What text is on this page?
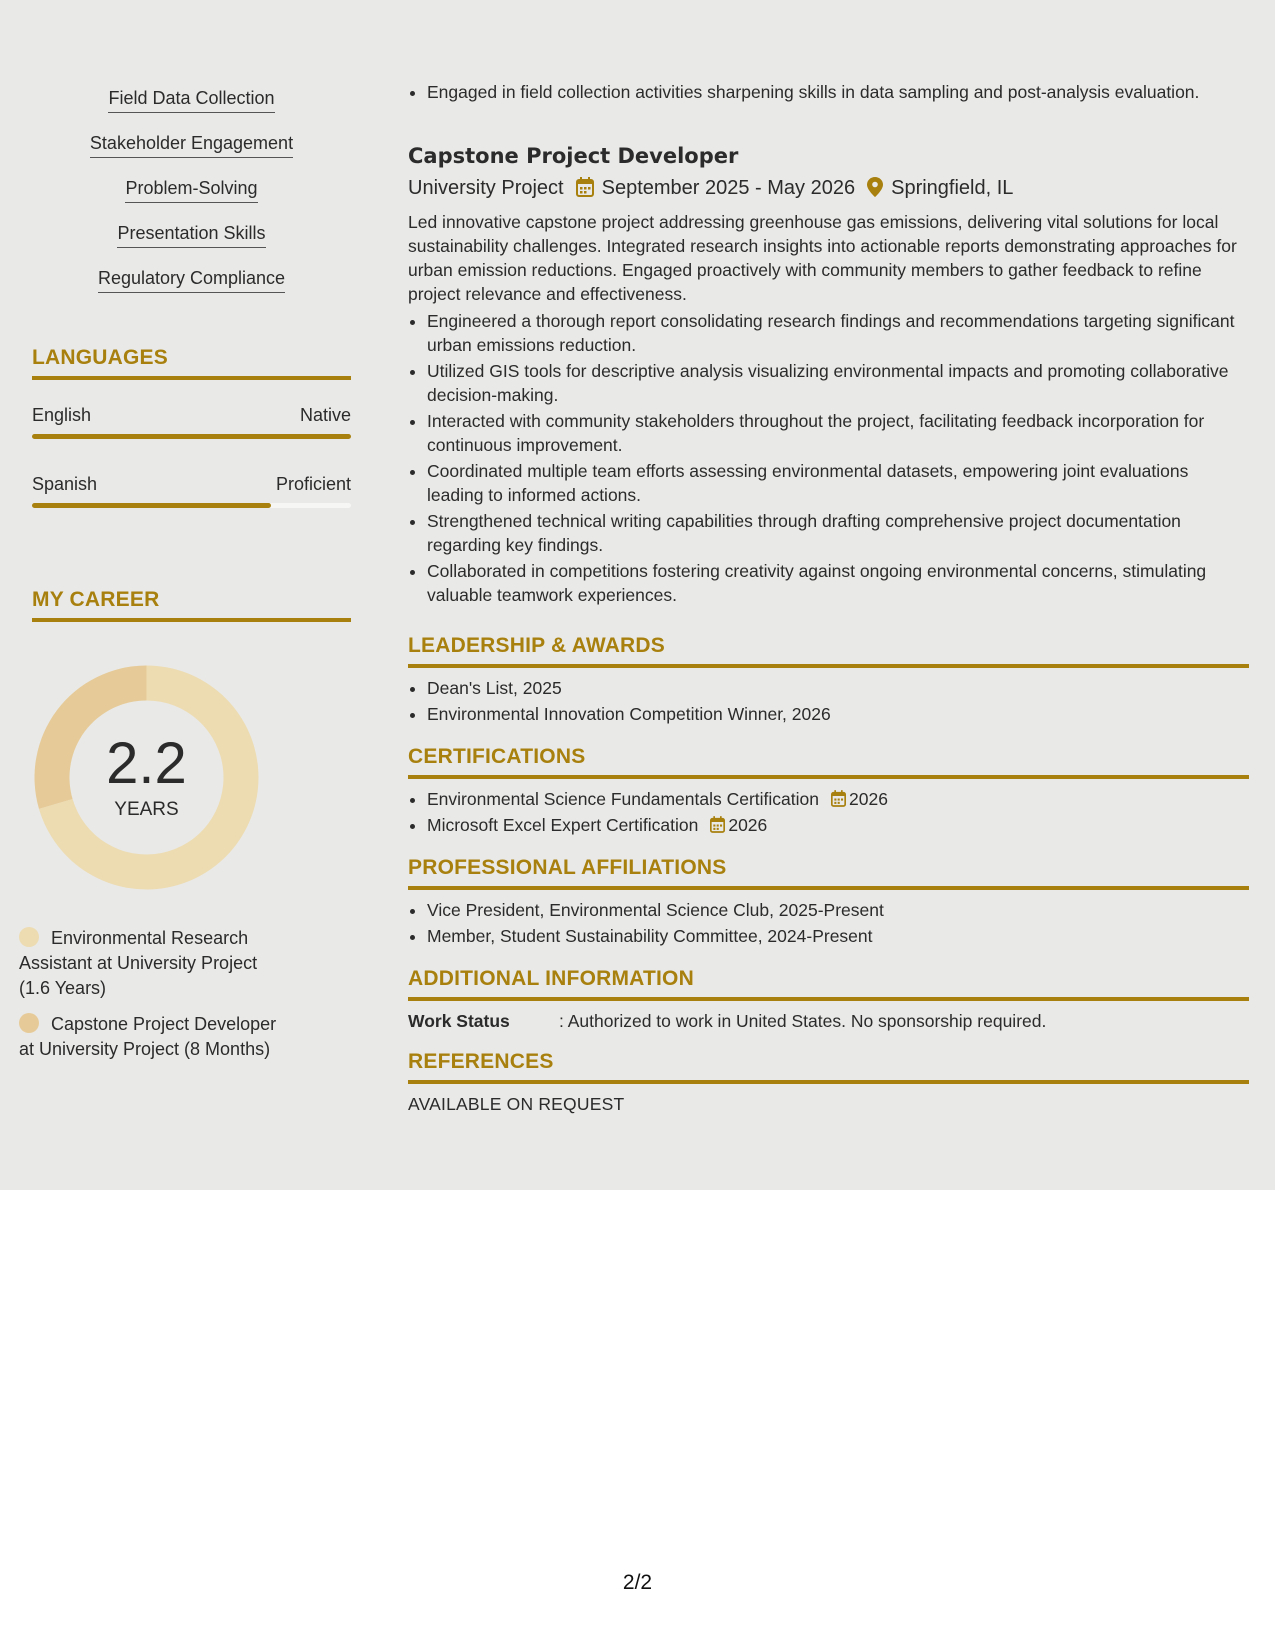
Field Data Collection
Stakeholder Engagement
Problem-Solving
Presentation Skills
Regulatory Compliance
LANGUAGES
English	Native
Spanish	Proficient
MY CAREER
2.2
YEARS
Environmental Research Assistant at University Project (1.6 Years)
Capstone Project Developer at University Project (8 Months)
• Engaged in field collection activities sharpening skills in data sampling and post-analysis evaluation.
Capstone Project Developer
University Project September 2025 - May 2026 Springfield, IL
Led innovative capstone project addressing greenhouse gas emissions, delivering vital solutions for local sustainability challenges. Integrated research insights into actionable reports demonstrating approaches for urban emission reductions. Engaged proactively with community members to gather feedback to refine project relevance and effectiveness.
• Engineered a thorough report consolidating research findings and recommendations targeting significant urban emissions reduction.
• Utilized GIS tools for descriptive analysis visualizing environmental impacts and promoting collaborative decision-making.
• Interacted with community stakeholders throughout the project, facilitating feedback incorporation for continuous improvement.
• Coordinated multiple team efforts assessing environmental datasets, empowering joint evaluations leading to informed actions.
• Strengthened technical writing capabilities through drafting comprehensive project documentation regarding key findings.
• Collaborated in competitions fostering creativity against ongoing environmental concerns, stimulating valuable teamwork experiences.
LEADERSHIP & AWARDS
• Dean's List, 2025
• Environmental Innovation Competition Winner, 2026
CERTIFICATIONS
• Environmental Science Fundamentals Certification 2026
• Microsoft Excel Expert Certification 2026
PROFESSIONAL AFFILIATIONS
• Vice President, Environmental Science Club, 2025-Present
• Member, Student Sustainability Committee, 2024-Present
ADDITIONAL INFORMATION
Work Status	: Authorized to work in United States. No sponsorship required.
REFERENCES
AVAILABLE ON REQUEST
2/2
